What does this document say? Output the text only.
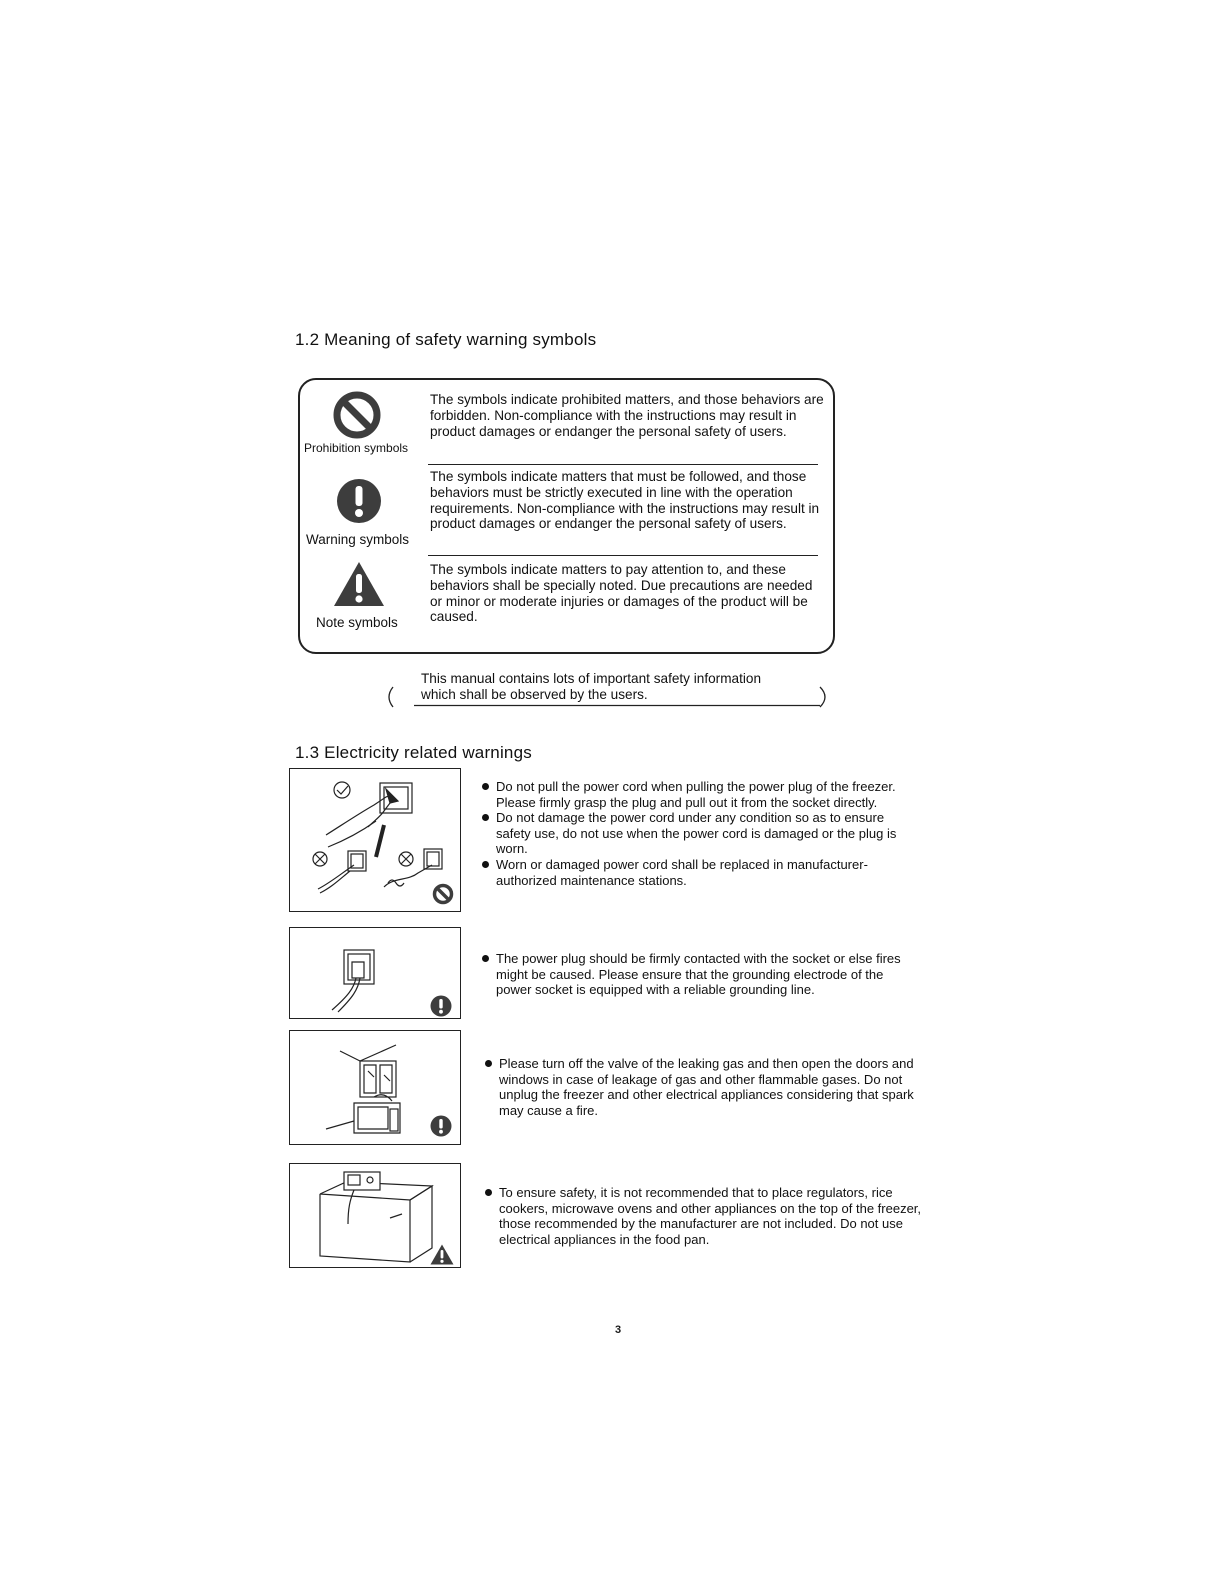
1.2 Meaning of safety warning symbols
Prohibition symbols
The symbols indicate prohibited matters, and those behaviors are forbidden. Non-compliance with the instructions may result in product damages or endanger the personal safety of users.
Warning symbols
The symbols indicate matters that must be followed, and those behaviors must be strictly executed in line with the operation requirements. Non-compliance with the instructions may result in product damages or endanger the personal safety of users.
Note symbols
The symbols indicate matters to pay attention to, and these behaviors shall be specially noted. Due precautions are needed or minor or moderate injuries or damages of the product will be caused.
This manual contains lots of important safety information
which shall be observed by the users.
1.3 Electricity related warnings
Do not pull the power cord when pulling the power plug of the freezer. Please firmly grasp the plug and pull out it from the socket directly.
Do not damage the power cord under any condition so as to ensure safety use, do not use when the power cord is damaged or the plug is worn.
Worn or damaged power cord shall be replaced in manufacturer-authorized maintenance stations.
The power plug should be firmly contacted with the socket or else fires might be caused. Please ensure that the grounding electrode of the power socket is equipped with a reliable grounding line.
Please turn off the valve of the leaking gas and then open the doors and windows in case of leakage of gas and other flammable gases. Do not unplug the freezer and other electrical appliances considering that spark may cause a fire.
To ensure safety, it is not recommended that to place regulators, rice cookers, microwave ovens and other appliances on the top of the freezer, those recommended by the manufacturer are not included. Do not use electrical appliances in the food pan.
3
